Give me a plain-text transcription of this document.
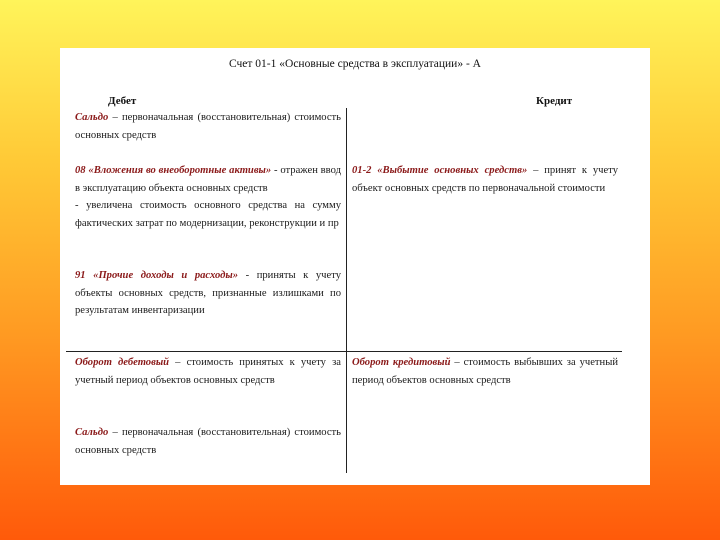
Счет 01-1 «Основные средства в эксплуатации» - А
Дебет	Кредит
Сальдо – первоначальная (восстановительная) стоимость основных средств
08 «Вложения во внеоборотные активы» - отражен ввод в эксплуатацию объекта основных средств
- увеличена стоимость основного средства на сумму фактических затрат по модернизации, реконструкции и пр
91 «Прочие доходы и расходы» - приняты к учету объекты основных средств, признанные излишками по результатам инвентаризации
Оборот дебетовый – стоимость принятых к учету за учетный период объектов основных средств
Сальдо – первоначальная (восстановительная) стоимость основных средств
01-2 «Выбытие основных средств» – принят к учету объект основных средств по первоначальной стоимости
Оборот кредитовый – стоимость выбывших за учетный период объектов основных средств
